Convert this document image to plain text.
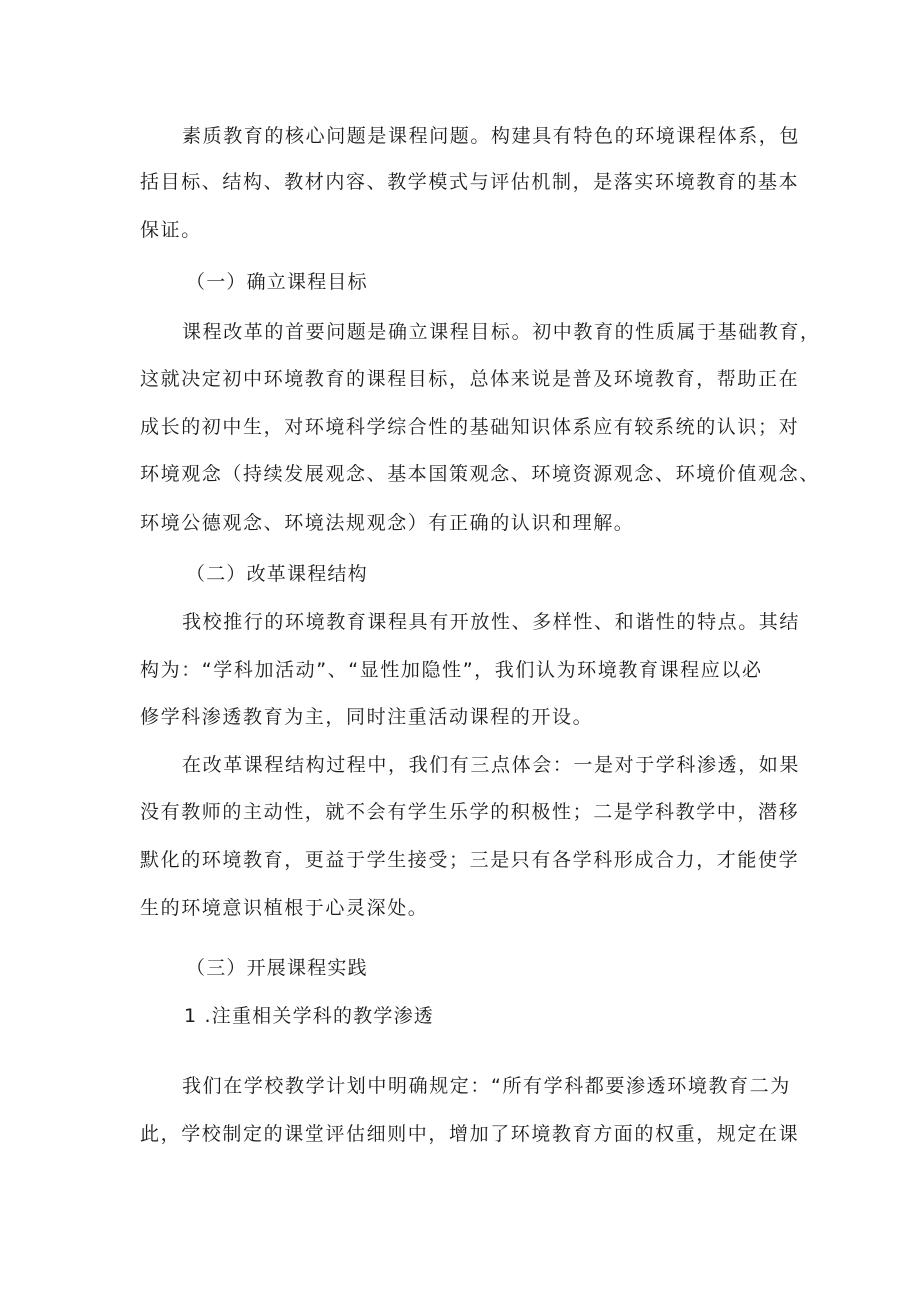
素质教育的核心问题是课程问题。构建具有特色的环境课程体系，包
括目标、结构、教材内容、教学模式与评估机制，是落实环境教育的基本
保证。
（一）确立课程目标
课程改革的首要问题是确立课程目标。初中教育的性质属于基础教育，
这就决定初中环境教育的课程目标，总体来说是普及环境教育，帮助正在
成长的初中生，对环境科学综合性的基础知识体系应有较系统的认识；对
环境观念（持续发展观念、基本国策观念、环境资源观念、环境价值观念、
环境公德观念、环境法规观念）有正确的认识和理解。
（二）改革课程结构
我校推行的环境教育课程具有开放性、多样性、和谐性的特点。其结
构为：“学科加活动”、“显性加隐性”，我们认为环境教育课程应以必
修学科渗透教育为主，同时注重活动课程的开设。
在改革课程结构过程中，我们有三点体会：一是对于学科渗透，如果
没有教师的主动性，就不会有学生乐学的积极性；二是学科教学中，潜移
默化的环境教育，更益于学生接受；三是只有各学科形成合力，才能使学
生的环境意识植根于心灵深处。
（三）开展课程实践
1 .注重相关学科的教学渗透
我们在学校教学计划中明确规定：“所有学科都要渗透环境教育二为
此，学校制定的课堂评估细则中，增加了环境教育方面的权重，规定在课
